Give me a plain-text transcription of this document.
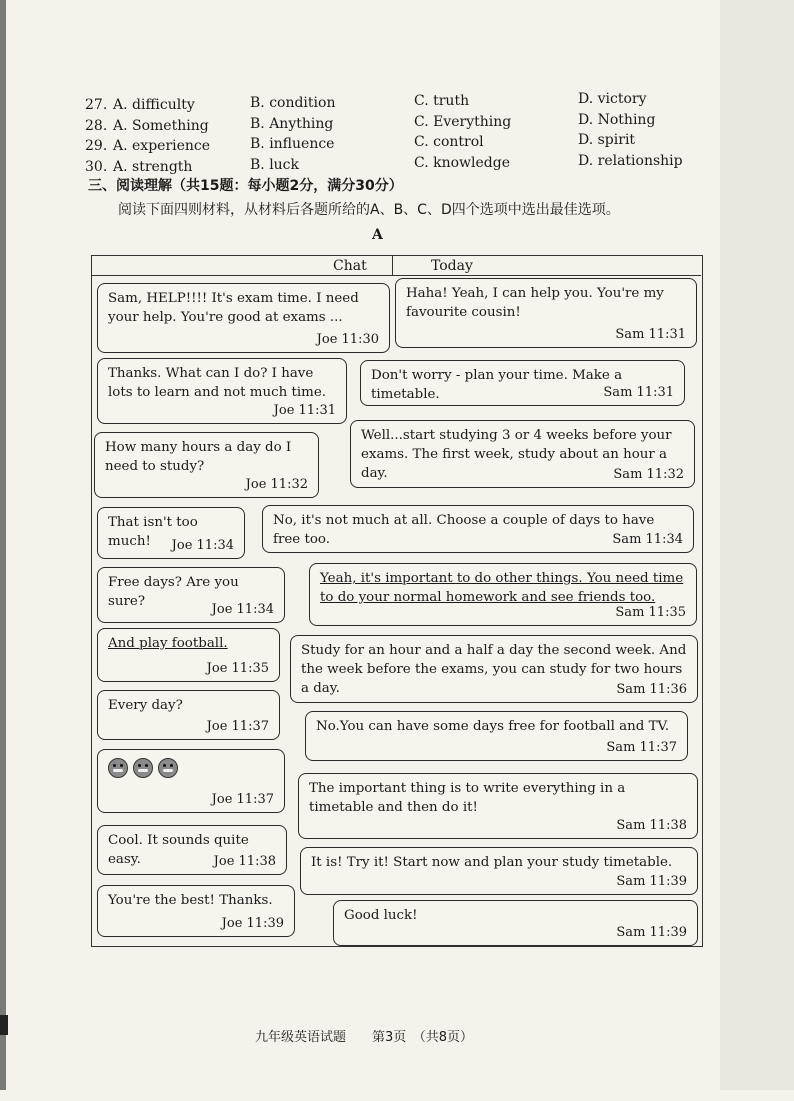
27. A. difficulty	B. condition	C. truth	D. victory
28. A. Something	B. Anything	C. Everything	D. Nothing
29. A. experience	B. influence	C. control	D. spirit
30. A. strength	B. luck	C. knowledge	D. relationship
三、阅读理解（共15题：每小题2分，满分30分）
阅读下面四则材料，从材料后各题所给的A、B、C、D四个选项中选出最佳选项。
A
Chat	Today
Sam, HELP!!!! It's exam time. I need your help. You're good at exams ...
Joe 11:30
Haha! Yeah, I can help you. You're my favourite cousin!
Sam 11:31
Thanks. What can I do? I have lots to learn and not much time.
Joe 11:31
Don't worry - plan your time. Make a timetable.	Sam 11:31
How many hours a day do I need to study?
Joe 11:32
Well...start studying 3 or 4 weeks before your exams. The first week, study about an hour a day.	Sam 11:32
That isn't too much!	Joe 11:34
No, it's not much at all. Choose a couple of days to have free too.	Sam 11:34
Free days? Are you sure?
Joe 11:34
Yeah, it's important to do other things. You need time to do your normal homework and see friends too.
Sam 11:35
And play football.
Joe 11:35
Study for an hour and a half a day the second week. And the week before the exams, you can study for two hours a day.	Sam 11:36
Every day?
Joe 11:37	No.You can have some days free for football and TV.
Sam 11:37
Joe 11:37
The important thing is to write everything in a timetable and then do it!
Sam 11:38
Cool. It sounds quite easy.	Joe 11:38	It is! Try it! Start now and plan your study timetable.
Sam 11:39
You're the best! Thanks.
Joe 11:39
Good luck!
Sam 11:39
九年级英语试题　　第3页　（共8页）
